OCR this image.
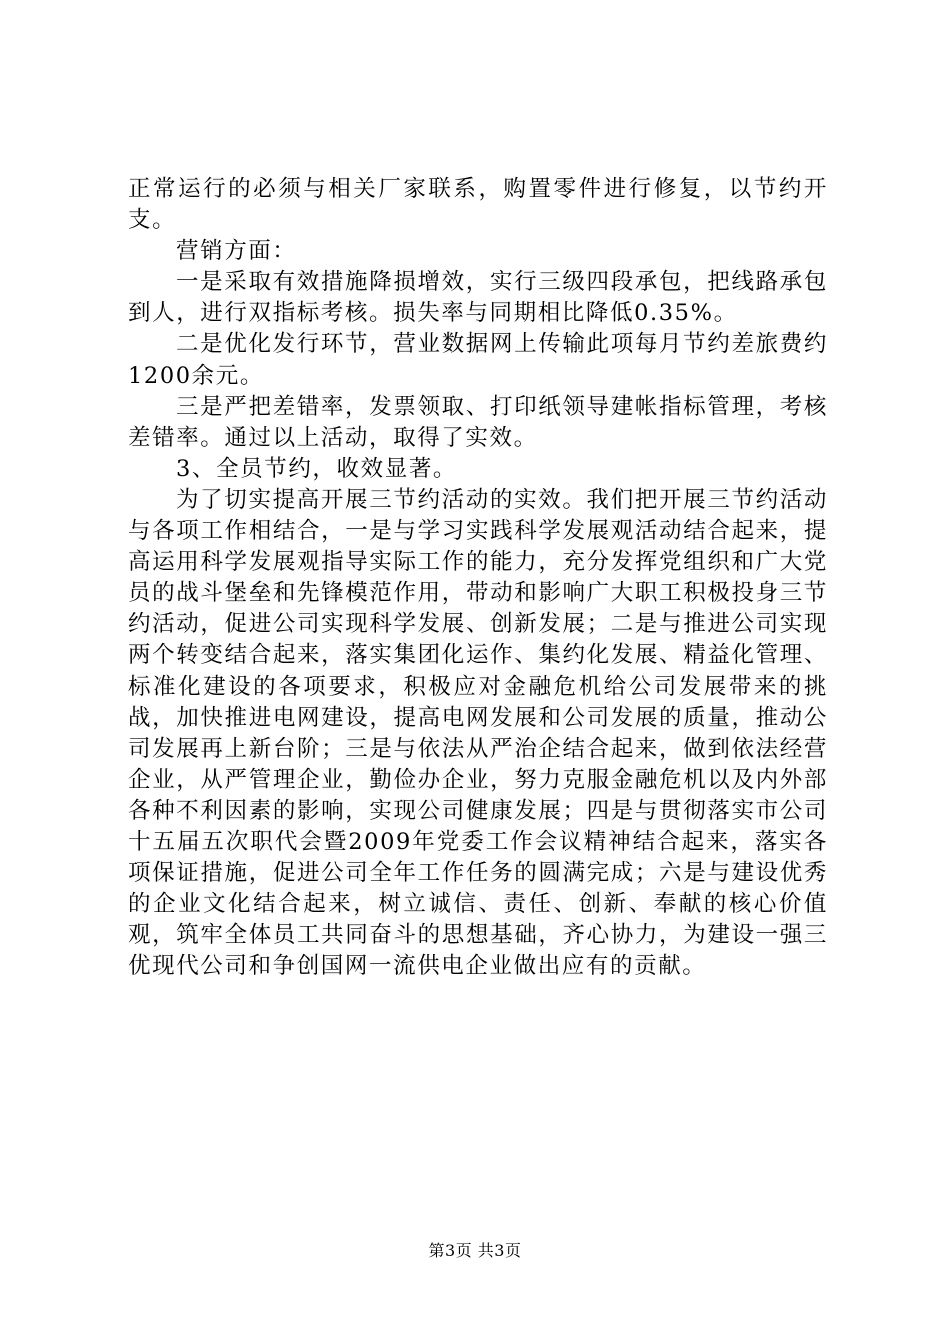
正常运行的必须与相关厂家联系，购置零件进行修复，以节约开支。

营销方面：

一是采取有效措施降损增效，实行三级四段承包，把线路承包到人，进行双指标考核。损失率与同期相比降低0.35%。

二是优化发行环节，营业数据网上传输此项每月节约差旅费约1200余元。

三是严把差错率，发票领取、打印纸领导建帐指标管理，考核差错率。通过以上活动，取得了实效。

3、全员节约，收效显著。

为了切实提高开展三节约活动的实效。我们把开展三节约活动与各项工作相结合，一是与学习实践科学发展观活动结合起来，提高运用科学发展观指导实际工作的能力，充分发挥党组织和广大党员的战斗堡垒和先锋模范作用，带动和影响广大职工积极投身三节约活动，促进公司实现科学发展、创新发展；二是与推进公司实现两个转变结合起来，落实集团化运作、集约化发展、精益化管理、标准化建设的各项要求，积极应对金融危机给公司发展带来的挑战，加快推进电网建设，提高电网发展和公司发展的质量，推动公司发展再上新台阶；三是与依法从严治企结合起来，做到依法经营企业，从严管理企业，勤俭办企业，努力克服金融危机以及内外部各种不利因素的影响，实现公司健康发展；四是与贯彻落实市公司十五届五次职代会暨2009年党委工作会议精神结合起来，落实各项保证措施，促进公司全年工作任务的圆满完成；六是与建设优秀的企业文化结合起来，树立诚信、责任、创新、奉献的核心价值观，筑牢全体员工共同奋斗的思想基础，齐心协力，为建设一强三优现代公司和争创国网一流供电企业做出应有的贡献。

第3页 共3页
